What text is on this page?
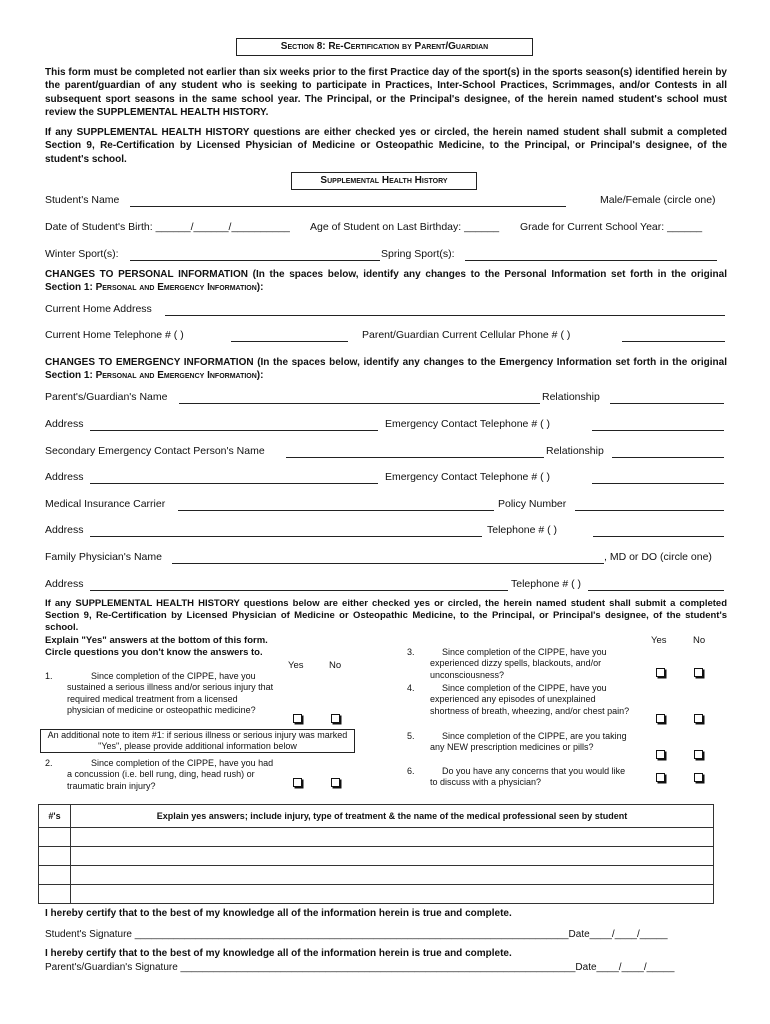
Section 8: Re-Certification by Parent/Guardian
This form must be completed not earlier than six weeks prior to the first Practice day of the sport(s) in the sports season(s) identified herein by the parent/guardian of any student who is seeking to participate in Practices, Inter-School Practices, Scrimmages, and/or Contests in all subsequent sport seasons in the same school year. The Principal, or the Principal's designee, of the herein named student's school must review the SUPPLEMENTAL HEALTH HISTORY.
If any SUPPLEMENTAL HEALTH HISTORY questions are either checked yes or circled, the herein named student shall submit a completed Section 9, Re-Certification by Licensed Physician of Medicine or Osteopathic Medicine, to the Principal, or Principal's designee, of the student's school.
Supplemental Health History
Student's Name	Male/Female (circle one)
Date of Student's Birth: ______/______/__________ Age of Student on Last Birthday: ______ Grade for Current School Year: ______
Winter Sport(s):	Spring Sport(s):
CHANGES TO PERSONAL INFORMATION (In the spaces below, identify any changes to the Personal Information set forth in the original Section 1: Personal and Emergency Information):
Current Home Address
Current Home Telephone # ( )	Parent/Guardian Current Cellular Phone # ( )
CHANGES TO EMERGENCY INFORMATION (In the spaces below, identify any changes to the Emergency Information set forth in the original Section 1: Personal and Emergency Information):
Parent's/Guardian's Name	Relationship
Address	Emergency Contact Telephone # ( )
Secondary Emergency Contact Person's Name	Relationship
Address	Emergency Contact Telephone # ( )
Medical Insurance Carrier	Policy Number
Address	Telephone # ( )
Family Physician's Name	, MD or DO (circle one)
Address	Telephone # ( )
If any SUPPLEMENTAL HEALTH HISTORY questions below are either checked yes or circled, the herein named student shall submit a completed Section 9, Re-Certification by Licensed Physician of Medicine or Osteopathic Medicine, to the Principal, or Principal's designee, of the student's school.
Explain "Yes" answers at the bottom of this form.
Circle questions you don't know the answers to.
Yes	No
Yes	No
1.	Since completion of the CIPPE, have you sustained a serious illness and/or serious injury that required medical treatment from a licensed physician of medicine or osteopathic medicine?
An additional note to item #1: if serious illness or serious injury was marked "Yes", please provide additional information below
2.	Since completion of the CIPPE, have you had a concussion (i.e. bell rung, ding, head rush) or traumatic brain injury?
3.	Since completion of the CIPPE, have you experienced dizzy spells, blackouts, and/or unconsciousness?
4.	Since completion of the CIPPE, have you experienced any episodes of unexplained shortness of breath, wheezing, and/or chest pain?
5.	Since completion of the CIPPE, are you taking any NEW prescription medicines or pills?
6.	Do you have any concerns that you would like to discuss with a physician?
#'s	Explain yes answers; include injury, type of treatment & the name of the medical professional seen by student

I hereby certify that to the best of my knowledge all of the information herein is true and complete.
Student's Signature ______________________________________________________________________________Date____/____/_____
I hereby certify that to the best of my knowledge all of the information herein is true and complete.
Parent's/Guardian's Signature _______________________________________________________________________Date____/____/_____
